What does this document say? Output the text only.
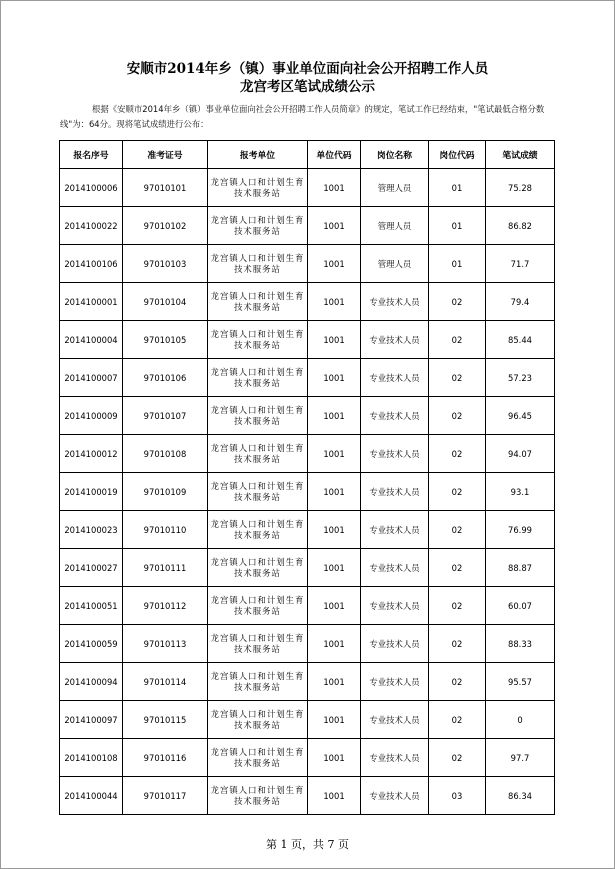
安顺市2014年乡（镇）事业单位面向社会公开招聘工作人员
龙宫考区笔试成绩公示
根据《安顺市2014年乡（镇）事业单位面向社会公开招聘工作人员简章》的规定，笔试工作已经结束，"笔试最低合格分数线"为：64分。现将笔试成绩进行公布：
报名序号	准考证号	报考单位	单位代码	岗位名称	岗位代码	笔试成绩
2014100006	97010101	龙宫镇人口和计划生育技术服务站	1001	管理人员	01	75.28
2014100022	97010102	龙宫镇人口和计划生育技术服务站	1001	管理人员	01	86.82
2014100106	97010103	龙宫镇人口和计划生育技术服务站	1001	管理人员	01	71.7
2014100001	97010104	龙宫镇人口和计划生育技术服务站	1001	专业技术人员	02	79.4
2014100004	97010105	龙宫镇人口和计划生育技术服务站	1001	专业技术人员	02	85.44
2014100007	97010106	龙宫镇人口和计划生育技术服务站	1001	专业技术人员	02	57.23
2014100009	97010107	龙宫镇人口和计划生育技术服务站	1001	专业技术人员	02	96.45
2014100012	97010108	龙宫镇人口和计划生育技术服务站	1001	专业技术人员	02	94.07
2014100019	97010109	龙宫镇人口和计划生育技术服务站	1001	专业技术人员	02	93.1
2014100023	97010110	龙宫镇人口和计划生育技术服务站	1001	专业技术人员	02	76.99
2014100027	97010111	龙宫镇人口和计划生育技术服务站	1001	专业技术人员	02	88.87
2014100051	97010112	龙宫镇人口和计划生育技术服务站	1001	专业技术人员	02	60.07
2014100059	97010113	龙宫镇人口和计划生育技术服务站	1001	专业技术人员	02	88.33
2014100094	97010114	龙宫镇人口和计划生育技术服务站	1001	专业技术人员	02	95.57
2014100097	97010115	龙宫镇人口和计划生育技术服务站	1001	专业技术人员	02	0
2014100108	97010116	龙宫镇人口和计划生育技术服务站	1001	专业技术人员	02	97.7
2014100044	97010117	龙宫镇人口和计划生育技术服务站	1001	专业技术人员	03	86.34
第 1 页，共 7 页
